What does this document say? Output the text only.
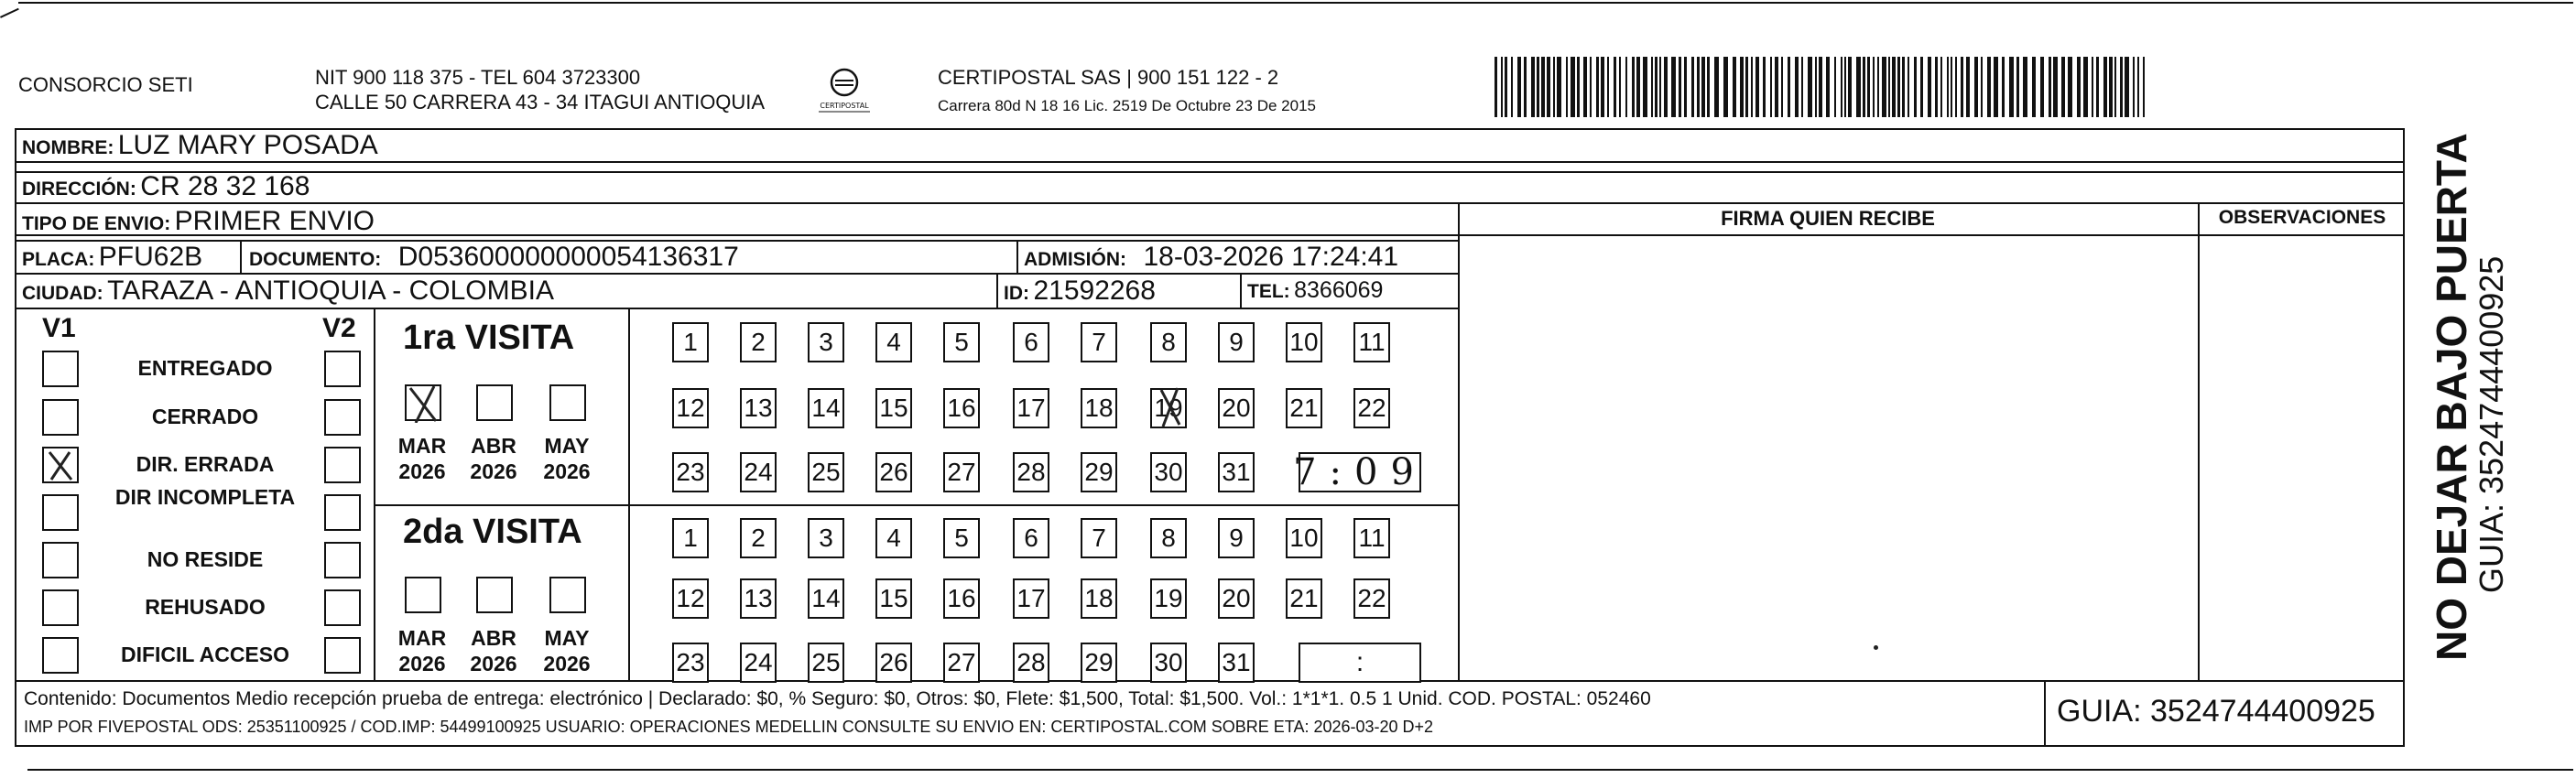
CONSORCIO SETI	NIT 900 118 375 - TEL 604 3723300
CALLE 50 CARRERA 43 - 34 ITAGUI ANTIOQUIA	CERTIPOSTAL
CERTIPOSTAL SAS | 900 151 122 - 2
Carrera 80d N 18 16 Lic. 2519 De Octubre 23 De 2015
NOMBRE: LUZ MARY POSADA
DIRECCIÓN: CR 28 32 168
TIPO DE ENVIO: PRIMER ENVIO
PLACA: PFU62B DOCUMENTO: D053600000000054136317	ADMISIÓN: 18-03-2026 17:24:41
CIUDAD: TARAZA - ANTIOQUIA - COLOMBIA	ID: 21592268	TEL: 8366069
FIRMA QUIEN RECIBE	OBSERVACIONES
V1	V2
ENTREGADO
CERRADO
DIR. ERRADA
DIR INCOMPLETA
NO RESIDE
REHUSADO
DIFICIL ACCESO
1ra VISITA
2da VISITA
MAR
2026
ABR
2026
MAY
2026
MAR
2026
ABR
2026
MAY
2026
1	2	3	4	5	6	7	8	9	10 11
12 13 14 15 16 17 18 19 20 21 22
23 24 25 26 27 28 29 30 31 7:09
1	2	3	4	5	6	7	8	9	10 11
12 13 14 15 16 17 18 19 20 21 22
23 24 25 26 27 28 29 30 31	:
NO DEJAR BAJO PUERTA
GUIA: 3524744400925
Contenido: Documentos Medio recepción prueba de entrega: electrónico | Declarado: $0, % Seguro: $0, Otros: $0, Flete: $1,500, Total: $1,500. Vol.: 1*1*1. 0.5 1 Unid. COD. POSTAL: 052460
IMP POR FIVEPOSTAL ODS: 25351100925 / COD.IMP: 54499100925 USUARIO: OPERACIONES MEDELLIN CONSULTE SU ENVIO EN: CERTIPOSTAL.COM SOBRE ETA: 2026-03-20 D+2	GUIA: 3524744400925
